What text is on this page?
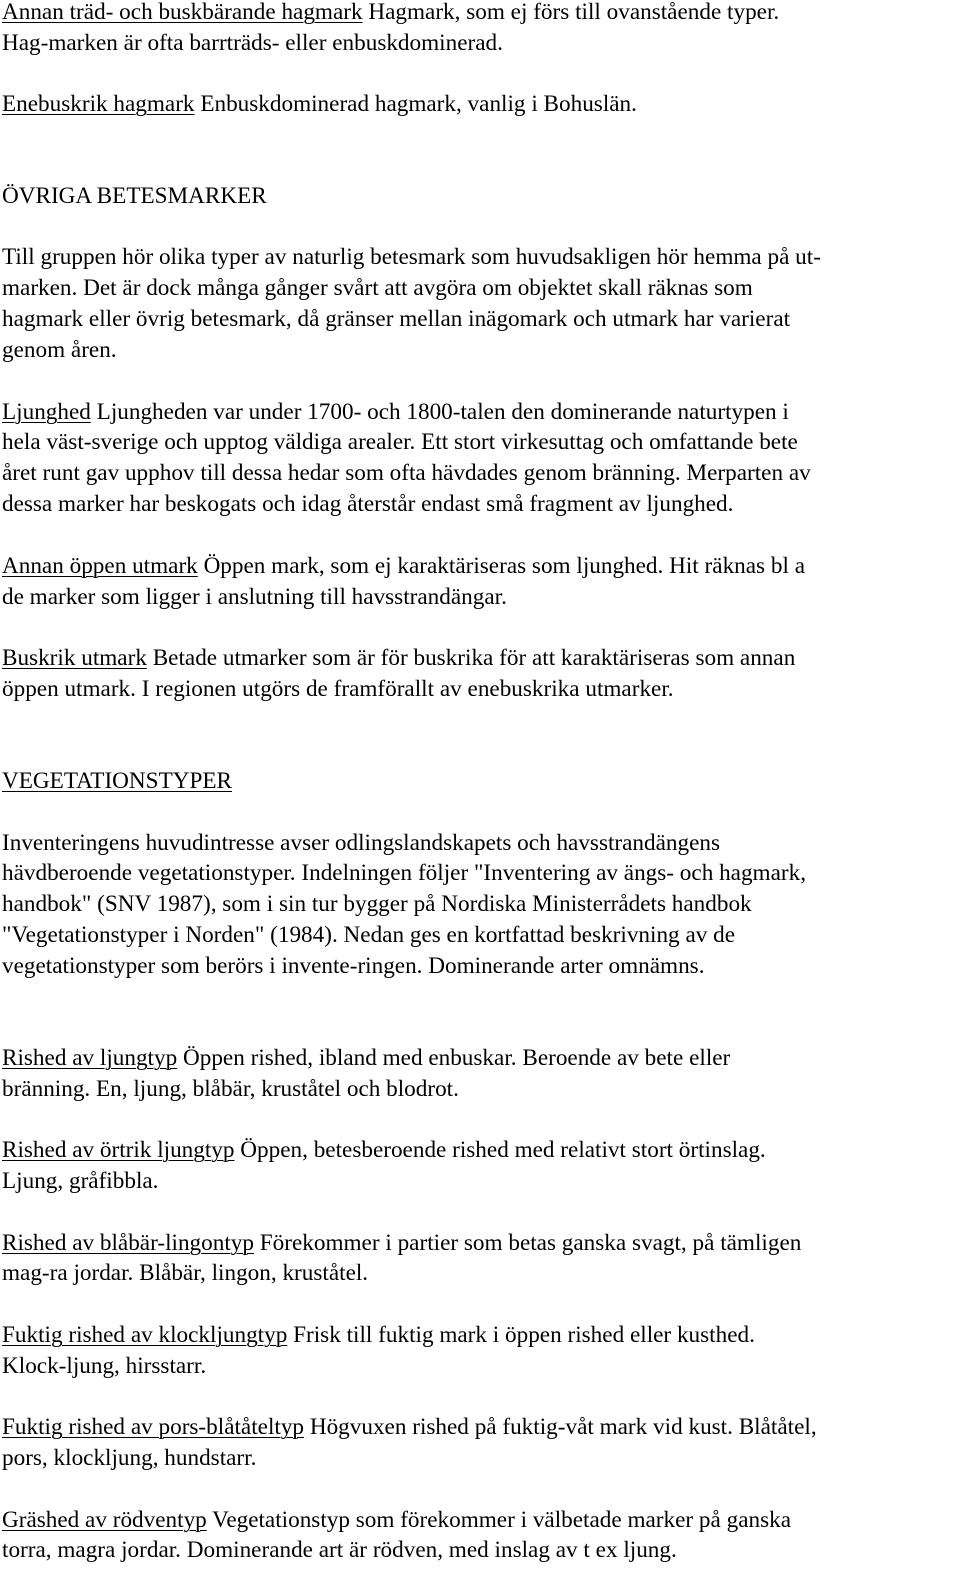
Annan träd- och buskbärande hagmark Hagmark, som ej förs till ovanstående typer.
Hag-marken är ofta barrträds- eller enbuskdominerad.
Enebuskrik hagmark Enbuskdominerad hagmark, vanlig i Bohuslän.
ÖVRIGA BETESMARKER
Till gruppen hör olika typer av naturlig betesmark som huvudsakligen hör hemma på ut-
marken. Det är dock många gånger svårt att avgöra om objektet skall räknas som
hagmark eller övrig betesmark, då gränser mellan inägomark och utmark har varierat
genom åren.
Ljunghed Ljungheden var under 1700- och 1800-talen den dominerande naturtypen i
hela väst-sverige och upptog väldiga arealer. Ett stort virkesuttag och omfattande bete
året runt gav upphov till dessa hedar som ofta hävdades genom bränning. Merparten av
dessa marker har beskogats och idag återstår endast små fragment av ljunghed.
Annan öppen utmark Öppen mark, som ej karaktäriseras som ljunghed. Hit räknas bl a
de marker som ligger i anslutning till havsstrandängar.
Buskrik utmark Betade utmarker som är för buskrika för att karaktäriseras som annan
öppen utmark. I regionen utgörs de framförallt av enebuskrika utmarker.
VEGETATIONSTYPER
Inventeringens huvudintresse avser odlingslandskapets och havsstrandängens
hävdberoende vegetationstyper. Indelningen följer "Inventering av ängs- och hagmark,
handbok" (SNV 1987), som i sin tur bygger på Nordiska Ministerrådets handbok
"Vegetationstyper i Norden" (1984). Nedan ges en kortfattad beskrivning av de
vegetationstyper som berörs i invente-ringen. Dominerande arter omnämns.
Rished av ljungtyp Öppen rished, ibland med enbuskar. Beroende av bete eller
bränning. En, ljung, blåbär, kruståtel och blodrot.
Rished av örtrik ljungtyp Öppen, betesberoende rished med relativt stort örtinslag.
Ljung, gråfibbla.
Rished av blåbär-lingontyp Förekommer i partier som betas ganska svagt, på tämligen
mag-ra jordar. Blåbär, lingon, kruståtel.
Fuktig rished av klockljungtyp Frisk till fuktig mark i öppen rished eller kusthed.
Klock-ljung, hirsstarr.
Fuktig rished av pors-blåtåteltyp Högvuxen rished på fuktig-våt mark vid kust. Blåtåtel,
pors, klockljung, hundstarr.
Gräshed av rödventyp Vegetationstyp som förekommer i välbetade marker på ganska
torra, magra jordar. Dominerande art är rödven, med inslag av t ex ljung.
